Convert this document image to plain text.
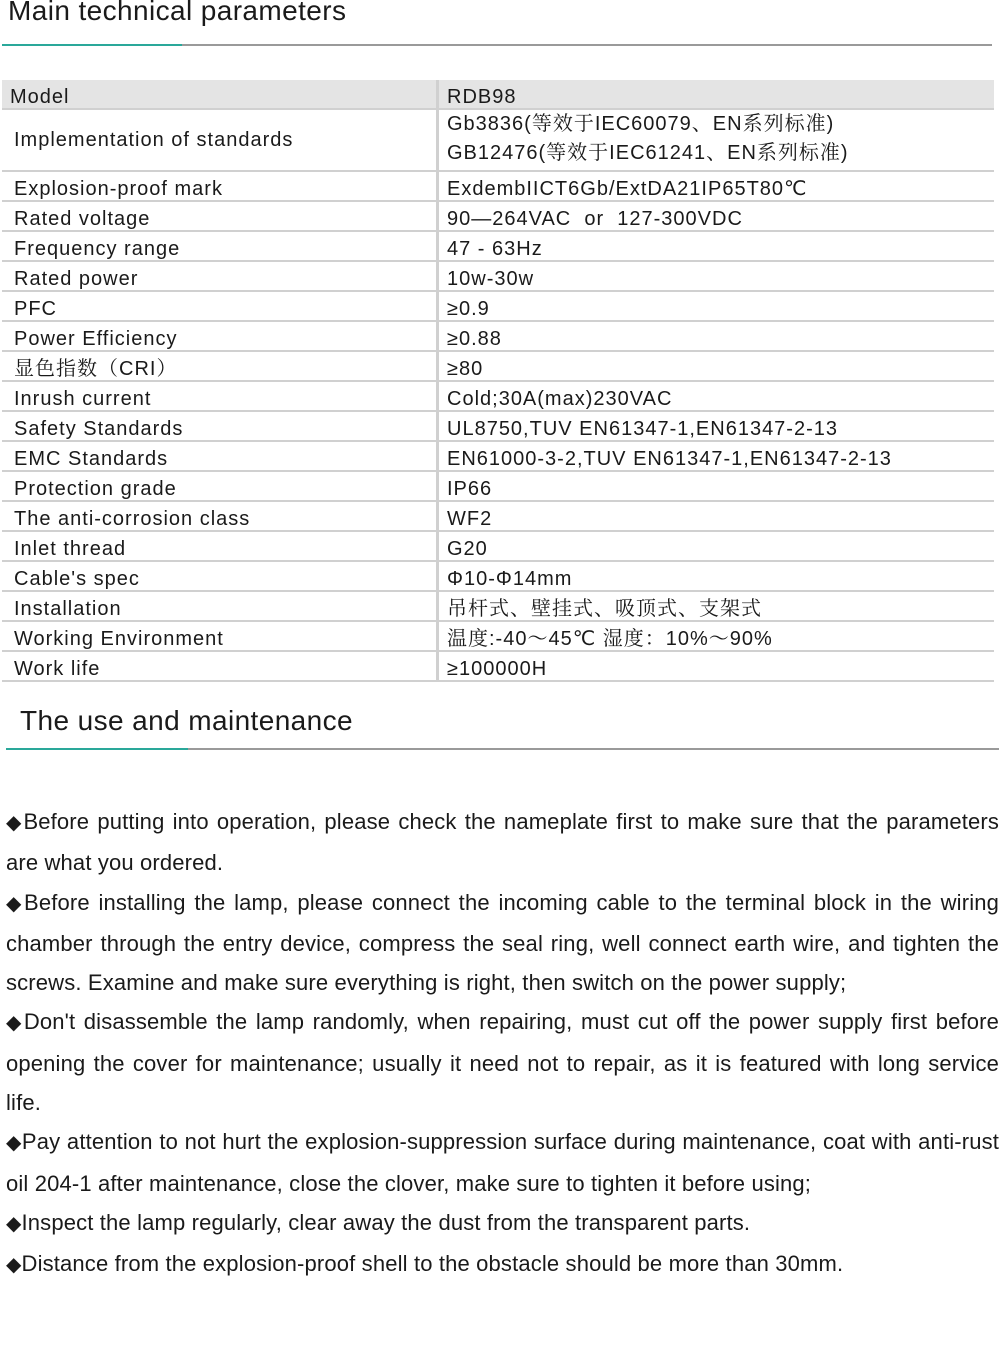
Main technical parameters
Model	RDB98
Implementation of standards	Gb3836(等效于IEC60079、EN系列标准)
GB12476(等效于IEC61241、EN系列标准)

Explosion-proof mark	ExdembIICT6Gb/ExtDA21IP65T80℃
Rated voltage	90—264VAC  or  127-300VDC
Frequency range	47 - 63Hz
Rated power	10w-30w
PFC	≥0.9
Power Efficiency	≥0.88
显色指数（CRI）	≥80
Inrush current	Cold;30A(max)230VAC
Safety Standards	UL8750,TUV EN61347-1,EN61347-2-13
EMC Standards	EN61000-3-2,TUV EN61347-1,EN61347-2-13
Protection grade	IP66
The anti-corrosion class	WF2
Inlet thread	G20
Cable's spec	Φ10-Φ14mm
Installation	吊杆式、壁挂式、吸顶式、支架式
Working Environment	温度:-40～45℃ 湿度：10%～90%
Work life	≥100000H
The use and maintenance

◆Before putting into operation, please check the nameplate first to make sure that the parameters are what you ordered.

◆Before installing the lamp, please connect the incoming cable to the terminal block in the wiring chamber through the entry device, compress the seal ring, well connect earth wire, and tighten the screws. Examine and make sure everything is right, then switch on the power supply;

◆Don't disassemble the lamp randomly, when repairing, must cut off the power supply first before opening the cover for maintenance; usually it need not to repair, as it is featured with long service life.

◆Pay attention to not hurt the explosion-suppression surface during maintenance, coat with anti-rust oil 204-1 after maintenance, close the clover, make sure to tighten it before using;

◆Inspect the lamp regularly, clear away the dust from the transparent parts.

◆Distance from the explosion-proof shell to the obstacle should be more than 30mm.
